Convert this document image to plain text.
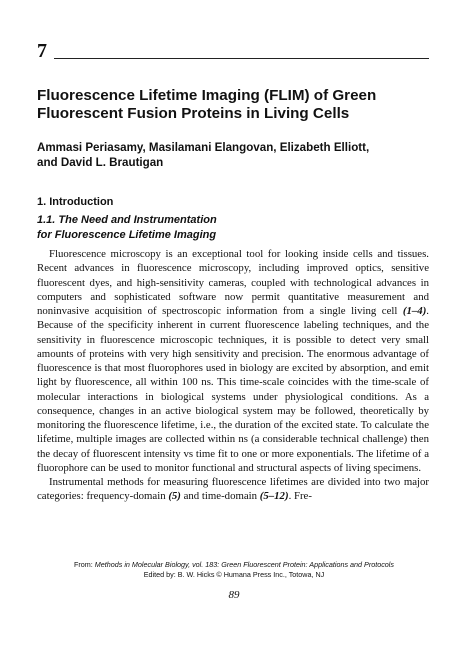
7
Fluorescence Lifetime Imaging (FLIM) of Green
Fluorescent Fusion Proteins in Living Cells
Ammasi Periasamy, Masilamani Elangovan, Elizabeth Elliott,
and David L. Brautigan
1. Introduction
1.1. The Need and Instrumentation
for Fluorescence Lifetime Imaging

Fluorescence microscopy is an exceptional tool for looking inside cells and tissues. Recent advances in fluorescence microscopy, including improved optics, sensitive fluorescent dyes, and high-sensitivity cameras, coupled with technological advances in computers and sophisticated software now permit quantitative measurement and noninvasive acquisition of spectroscopic information from a single living cell (1–4). Because of the specificity inherent in current fluorescence labeling techniques, and the sensitivity in fluorescence microscopic techniques, it is possible to detect very small amounts of proteins with very high sensitivity and precision. The enormous advantage of fluorescence is that most fluorophores used in biology are excited by absorption, and emit light by fluorescence, all within 100 ns. This time-scale coincides with the time-scale of molecular interactions in biological systems under physiological conditions. As a consequence, changes in an active biological system may be followed, theoretically by monitoring the fluorescence lifetime, i.e., the duration of the excited state. To calculate the lifetime, multiple images are collected within ns (a considerable technical challenge) then the decay of fluorescent intensity vs time fit to one or more exponentials. The lifetime of a fluorophore can be used to monitor functional and structural aspects of living specimens.

Instrumental methods for measuring fluorescence lifetimes are divided into two major categories: frequency-domain (5) and time-domain (5–12). Fre-

From: Methods in Molecular Biology, vol. 183: Green Fluorescent Protein: Applications and Protocols
Edited by: B. W. Hicks © Humana Press Inc., Totowa, NJ
89
